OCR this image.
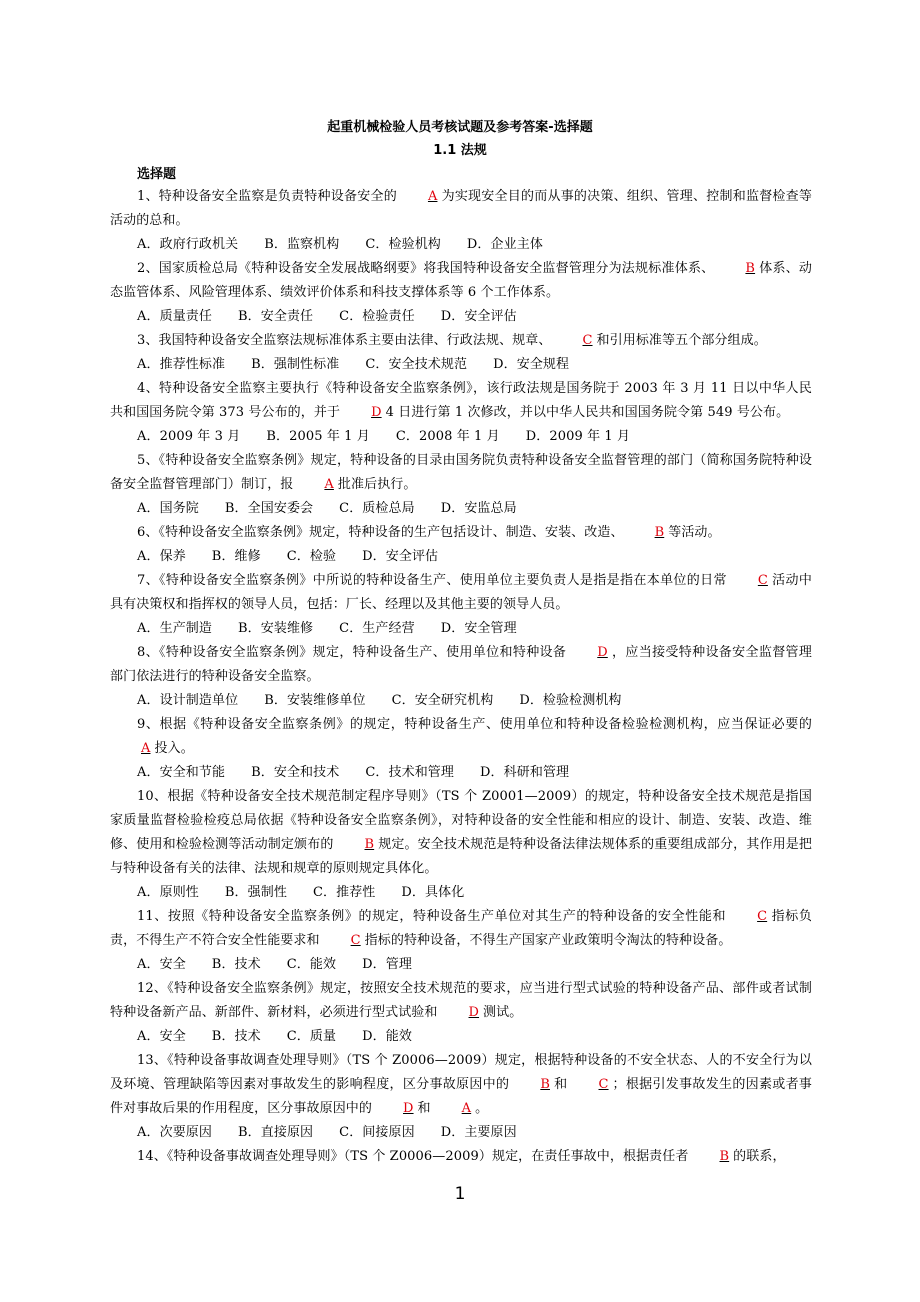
起重机械检验人员考核试题及参考答案-选择题
1.1 法规
选择题

1、特种设备安全监察是负责特种设备安全的 A 为实现安全目的而从事的决策、组织、管理、控制和监督检查等活动的总和。

A．政府行政机关 B．监察机构 C．检验机构 D．企业主体

2、国家质检总局《特种设备安全发展战略纲要》将我国特种设备安全监督管理分为法规标准体系、 B 体系、动态监管体系、风险管理体系、绩效评价体系和科技支撑体系等 6 个工作体系。

A．质量责任 B．安全责任 C．检验责任 D．安全评估

3、我国特种设备安全监察法规标准体系主要由法律、行政法规、规章、 C 和引用标准等五个部分组成。

A．推荐性标准 B．强制性标准 C．安全技术规范 D．安全规程

4、特种设备安全监察主要执行《特种设备安全监察条例》，该行政法规是国务院于 2003 年 3 月 11 日以中华人民共和国国务院令第 373 号公布的，并于 D 4 日进行第 1 次修改，并以中华人民共和国国务院令第 549 号公布。

A．2009 年 3 月 B．2005 年 1 月 C．2008 年 1 月 D．2009 年 1 月

5、《特种设备安全监察条例》规定，特种设备的目录由国务院负责特种设备安全监督管理的部门（简称国务院特种设备安全监督管理部门）制订，报 A 批准后执行。

A．国务院 B．全国安委会 C．质检总局 D．安监总局

6、《特种设备安全监察条例》规定，特种设备的生产包括设计、制造、安装、改造、 B 等活动。

A．保养 B．维修 C．检验 D．安全评估

7、《特种设备安全监察条例》中所说的特种设备生产、使用单位主要负责人是指是指在本单位的日常 C 活动中具有决策权和指挥权的领导人员，包括：厂长、经理以及其他主要的领导人员。

A．生产制造 B．安装维修 C．生产经营 D．安全管理

8、《特种设备安全监察条例》规定，特种设备生产、使用单位和特种设备 D ，应当接受特种设备安全监督管理部门依法进行的特种设备安全监察。

A．设计制造单位 B．安装维修单位 C．安全研究机构 D．检验检测机构

9、根据《特种设备安全监察条例》的规定，特种设备生产、使用单位和特种设备检验检测机构，应当保证必要的A 投入。

A．安全和节能 B．安全和技术 C．技术和管理 D．科研和管理

10、根据《特种设备安全技术规范制定程序导则》（TS 个 Z0001—2009）的规定，特种设备安全技术规范是指国家质量监督检验检疫总局依据《特种设备安全监察条例》，对特种设备的安全性能和相应的设计、制造、安装、改造、维修、使用和检验检测等活动制定颁布的 B 规定。安全技术规范是特种设备法律法规体系的重要组成部分，其作用是把与特种设备有关的法律、法规和规章的原则规定具体化。

A．原则性 B．强制性 C．推荐性 D．具体化

11、按照《特种设备安全监察条例》的规定，特种设备生产单位对其生产的特种设备的安全性能和 C 指标负责，不得生产不符合安全性能要求和 C 指标的特种设备，不得生产国家产业政策明令淘汰的特种设备。

A．安全 B．技术 C．能效 D．管理

12、《特种设备安全监察条例》规定，按照安全技术规范的要求，应当进行型式试验的特种设备产品、部件或者试制特种设备新产品、新部件、新材料，必须进行型式试验和 D 测试。

A．安全 B．技术 C．质量 D．能效

13、《特种设备事故调查处理导则》（TS 个 Z0006—2009）规定，根据特种设备的不安全状态、人的不安全行为以及环境、管理缺陷等因素对事故发生的影响程度，区分事故原因中的 B 和 C ；根据引发事故发生的因素或者事件对事故后果的作用程度，区分事故原因中的 D 和 A 。

A．次要原因 B．直接原因 C．间接原因 D．主要原因

14、《特种设备事故调查处理导则》（TS 个 Z0006—2009）规定，在责任事故中，根据责任者 B 的联系，

1
